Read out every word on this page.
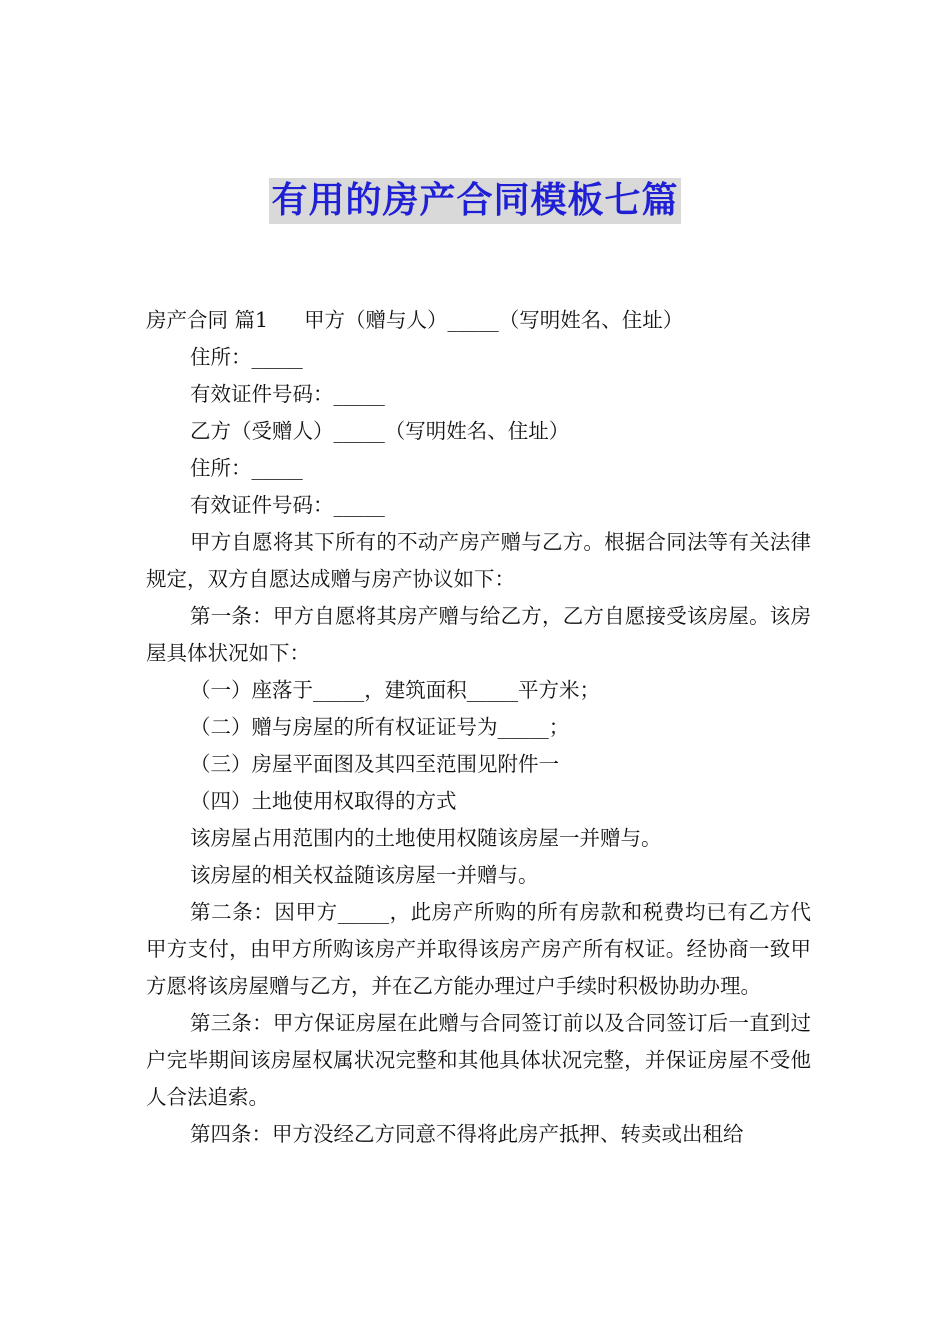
有用的房产合同模板七篇

房产合同 篇1 甲方（赠与人）_____（写明姓名、住址）

住所：_____

有效证件号码：_____

乙方（受赠人）_____（写明姓名、住址）

住所：_____

有效证件号码：_____

甲方自愿将其下所有的不动产房产赠与乙方。根据合同法等有关法律规定，双方自愿达成赠与房产协议如下：

第一条：甲方自愿将其房产赠与给乙方，乙方自愿接受该房屋。该房屋具体状况如下：

（一）座落于_____，建筑面积_____平方米；

（二）赠与房屋的所有权证证号为_____；

（三）房屋平面图及其四至范围见附件一

（四）土地使用权取得的方式

该房屋占用范围内的土地使用权随该房屋一并赠与。

该房屋的相关权益随该房屋一并赠与。

第二条：因甲方_____，此房产所购的所有房款和税费均已有乙方代甲方支付，由甲方所购该房产并取得该房产房产所有权证。经协商一致甲方愿将该房屋赠与乙方，并在乙方能办理过户手续时积极协助办理。

第三条：甲方保证房屋在此赠与合同签订前以及合同签订后一直到过户完毕期间该房屋权属状况完整和其他具体状况完整，并保证房屋不受他人合法追索。

第四条：甲方没经乙方同意不得将此房产抵押、转卖或出租给
